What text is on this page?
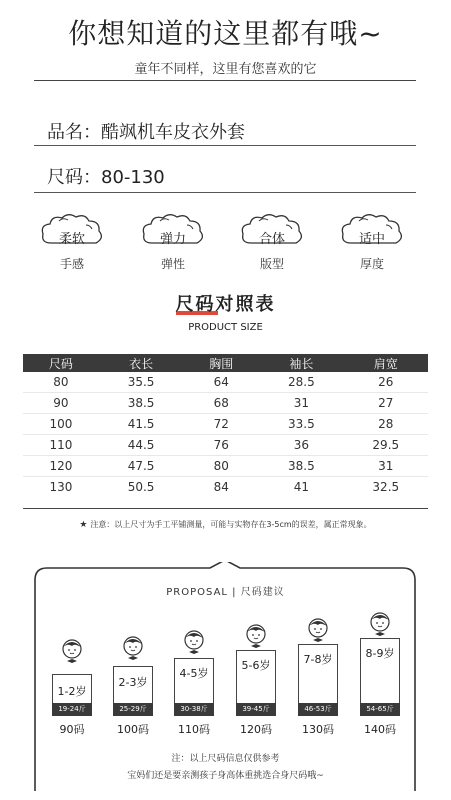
你想知道的这里都有哦~
童年不同样，这里有您喜欢的它
品名：酷飒机车皮衣外套
尺码：80-130
柔软
手感
弹力
弹性
合体
版型
适中
厚度
尺码对照表
PRODUCT SIZE
尺码	衣长	胸围	袖长	肩宽
80	35.5	64	28.5	26
90	38.5	68	31	27
100	41.5	72	33.5	28
110	44.5	76	36	29.5
120	47.5	80	38.5	31
130	50.5	84	41	32.5
★ 注意：以上尺寸为手工平铺测量，可能与实物存在3-5cm的误差，属正常现象。
PROPOSAL | 尺码建议
1-2岁
19-24斤
2-3岁
25-29斤
4-5岁
30-38斤
5-6岁
39-45斤
7-8岁
46-53斤
8-9岁
54-65斤
90码	100码	110码	120码	130码	140码
注：以上尺码信息仅供参考
宝妈们还是要亲测孩子身高体重挑选合身尺码哦~
